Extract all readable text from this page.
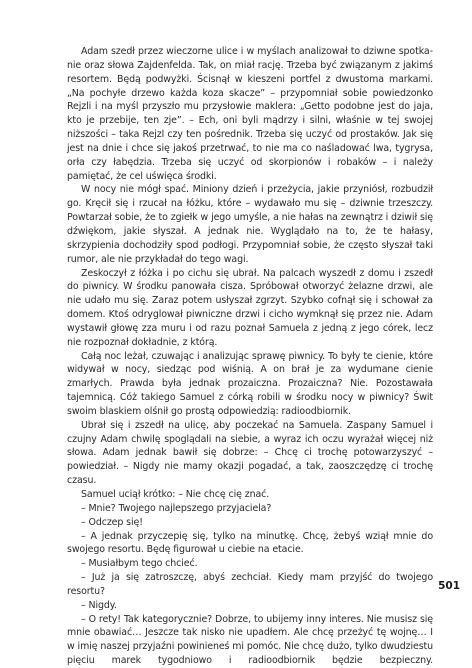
Adam szedł przez wieczorne ulice i w myślach analizował to dziwne spotkanie oraz słowa Zajdenfelda. Tak, on miał rację. Trzeba być związanym z jakimś resortem. Będą podwyżki. Ścisnął w kieszeni portfel z dwustoma markami. „Na pochyłe drzewo każda koza skacze” – przypomniał sobie powiedzonko Rejzli i na myśl przyszło mu przysłowie maklera: „Getto podobne jest do jaja, kto je przebije, ten zje”. – Ech, oni byli mądrzy i silni, właśnie w tej swojej niższości – taka Rejzl czy ten pośrednik. Trzeba się uczyć od prostaków. Jak się jest na dnie i chce się jakoś przetrwać, to nie ma co naśladować lwa, tygrysa, orła czy łabędzia. Trzeba się uczyć od skorpionów i robaków – i należy pamiętać, że cel uświęca środki.

W nocy nie mógł spać. Miniony dzień i przeżycia, jakie przyniósł, rozbudził go. Kręcił się i rzucał na łóżku, które – wydawało mu się – dziwnie trzeszczy. Powtarzał sobie, że to zgiełk w jego umyśle, a nie hałas na zewnątrz i dziwił się dźwiękom, jakie słyszał. A jednak nie. Wyglądało na to, że te hałasy, skrzypienia dochodziły spod podłogi. Przypomniał sobie, że często słyszał taki rumor, ale nie przykładał do tego wagi.

Zeskoczył z łóżka i po cichu się ubrał. Na palcach wyszedł z domu i zszedł do piwnicy. W środku panowała cisza. Spróbował otworzyć żelazne drzwi, ale nie udało mu się. Zaraz potem usłyszał zgrzyt. Szybko cofnął się i schował za domem. Ktoś odryglował piwniczne drzwi i cicho wymknął się przez nie. Adam wystawił głowę zza muru i od razu poznał Samuela z jedną z jego córek, lecz nie rozpoznał dokładnie, z którą.

Całą noc leżał, czuwając i analizując sprawę piwnicy. To były te cienie, które widywał w nocy, siedząc pod wiśnią. A on brał je za wydumane cienie zmarłych. Prawda była jednak prozaiczna. Prozaiczna? Nie. Pozostawała tajemnicą. Cóż takiego Samuel z córką robili w środku nocy w piwnicy? Świt swoim blaskiem olśnił go prostą odpowiedzią: radioodbiornik.

Ubrał się i zszedł na ulicę, aby poczekać na Samuela. Zaspany Samuel i czujny Adam chwilę spoglądali na siebie, a wyraz ich oczu wyrażał więcej niż słowa. Adam jednak bawił się dobrze: – Chcę ci trochę potowarzyszyć – powiedział. – Nigdy nie mamy okazji pogadać, a tak, zaoszczędzę ci trochę czasu.

Samuel uciął krótko: – Nie chcę cię znać.

– Mnie? Twojego najlepszego przyjaciela?

– Odczep się!

– A jednak przyczepię się, tylko na minutkę. Chcę, żebyś wziął mnie do swojego resortu. Będę figurował u ciebie na etacie.

– Musiałbym tego chcieć.

– Już ja się zatroszczę, abyś zechciał. Kiedy mam przyjść do twojego resortu?

– Nigdy.

– O rety! Tak kategorycznie? Dobrze, to ubijemy inny interes. Nie musisz się mnie obawiać… Jeszcze tak nisko nie upadłem. Ale chcę przeżyć tę wojnę… I w imię naszej przyjaźni powinieneś mi pomóc. Nie chcę dużo, tylko dwudziestu pięciu marek tygodniowo i radioodbiornik będzie bezpieczny.

501
